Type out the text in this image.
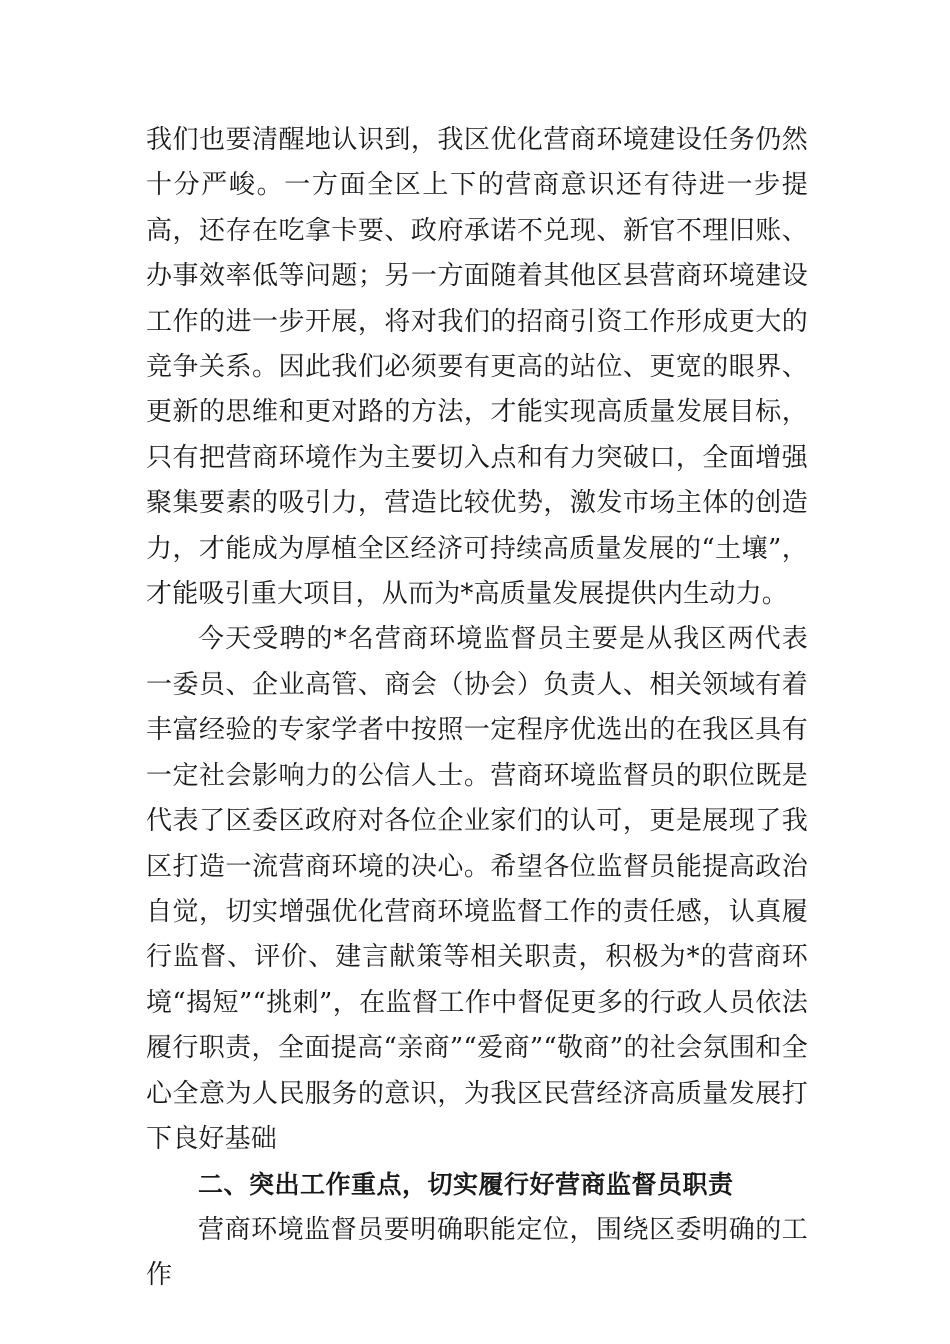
我们也要清醒地认识到，我区优化营商环境建设任务仍然十分严峻。一方面全区上下的营商意识还有待进一步提高，还存在吃拿卡要、政府承诺不兑现、新官不理旧账、办事效率低等问题；另一方面随着其他区县营商环境建设工作的进一步开展，将对我们的招商引资工作形成更大的竞争关系。因此我们必须要有更高的站位、更宽的眼界、更新的思维和更对路的方法，才能实现高质量发展目标，只有把营商环境作为主要切入点和有力突破口，全面增强聚集要素的吸引力，营造比较优势，激发市场主体的创造力，才能成为厚植全区经济可持续高质量发展的“土壤”，才能吸引重大项目，从而为*高质量发展提供内生动力。

今天受聘的*名营商环境监督员主要是从我区两代表一委员、企业高管、商会（协会）负责人、相关领域有着丰富经验的专家学者中按照一定程序优选出的在我区具有一定社会影响力的公信人士。营商环境监督员的职位既是代表了区委区政府对各位企业家们的认可，更是展现了我区打造一流营商环境的决心。希望各位监督员能提高政治自觉，切实增强优化营商环境监督工作的责任感，认真履行监督、评价、建言献策等相关职责，积极为*的营商环境“揭短”“挑刺”，在监督工作中督促更多的行政人员依法履行职责，全面提高“亲商”“爱商”“敬商”的社会氛围和全心全意为人民服务的意识，为我区民营经济高质量发展打下良好基础

二、突出工作重点，切实履行好营商监督员职责

营商环境监督员要明确职能定位，围绕区委明确的工作
